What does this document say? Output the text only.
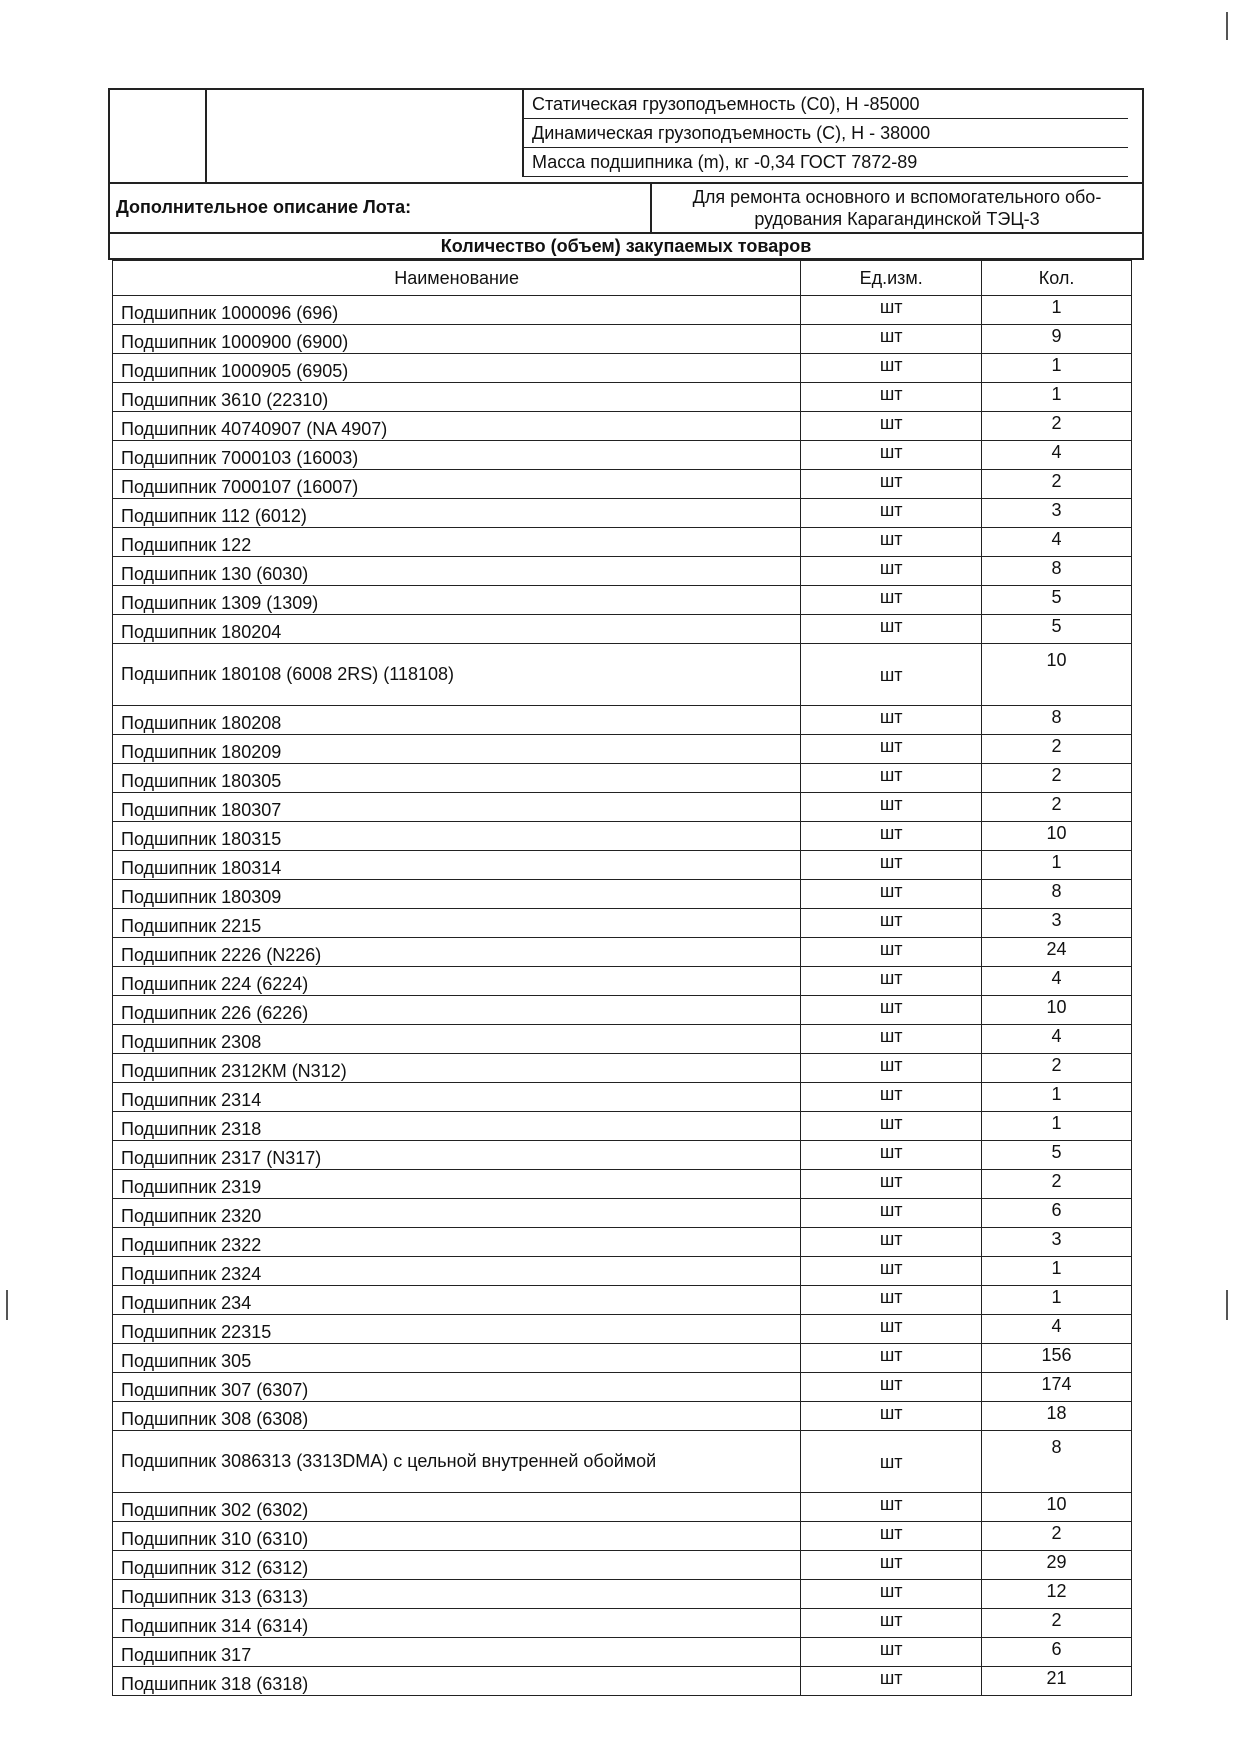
Статическая грузоподъемность (С0), Н -85000
Динамическая грузоподъемность (С), Н - 38000
Масса подшипника (m), кг -0,34 ГОСТ 7872-89
Дополнительное описание Лота:	Для ремонта основного и вспомогательного обо-
рудования Карагандинской ТЭЦ-3
Количество (объем) закупаемых товаров
Наименование	Ед.изм.	Кол.
Подшипник 1000096 (696)	шт	1
Подшипник 1000900 (6900)	шт	9
Подшипник 1000905 (6905)	шт	1
Подшипник 3610 (22310)	шт	1
Подшипник 40740907 (NA 4907)	шт	2
Подшипник 7000103 (16003)	шт	4
Подшипник 7000107 (16007)	шт	2
Подшипник 112 (6012)	шт	3
Подшипник 122	шт	4
Подшипник 130 (6030)	шт	8
Подшипник 1309 (1309)	шт	5
Подшипник 180204	шт	5
Подшипник 180108 (6008 2RS) (118108)	шт	10
Подшипник 180208	шт	8
Подшипник 180209	шт	2
Подшипник 180305	шт	2
Подшипник 180307	шт	2
Подшипник 180315	шт	10
Подшипник 180314	шт	1
Подшипник 180309	шт	8
Подшипник 2215	шт	3
Подшипник 2226 (N226)	шт	24
Подшипник 224 (6224)	шт	4
Подшипник 226 (6226)	шт	10
Подшипник 2308	шт	4
Подшипник 2312КМ (N312)	шт	2
Подшипник 2314	шт	1
Подшипник 2318	шт	1
Подшипник 2317 (N317)	шт	5
Подшипник 2319	шт	2
Подшипник 2320	шт	6
Подшипник 2322	шт	3
Подшипник 2324	шт	1
Подшипник 234	шт	1
Подшипник 22315	шт	4
Подшипник 305	шт	156
Подшипник 307 (6307)	шт	174
Подшипник 308 (6308)	шт	18
Подшипник 3086313 (3313DMA) с цельной внутренней обоймой	шт	8
Подшипник 302 (6302)	шт	10
Подшипник 310 (6310)	шт	2
Подшипник 312 (6312)	шт	29
Подшипник 313 (6313)	шт	12
Подшипник 314 (6314)	шт	2
Подшипник 317	шт	6
Подшипник 318 (6318)	шт	21
